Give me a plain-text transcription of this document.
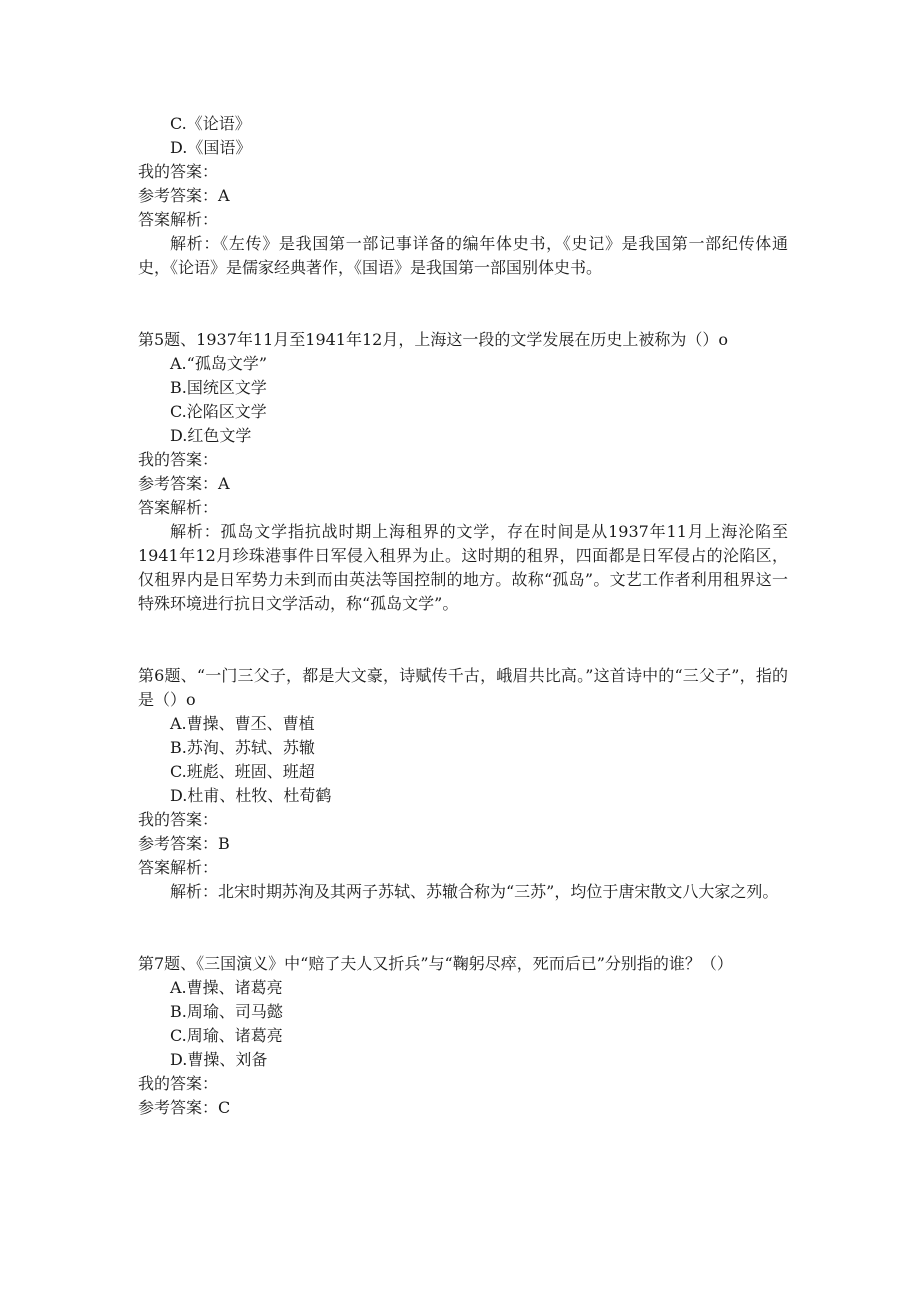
C.《论语》
D.《国语》
我的答案：
参考答案：A
答案解析：

解析：《左传》是我国第一部记事详备的编年体史书，《史记》是我国第一部纪传体通史，《论语》是儒家经典著作，《国语》是我国第一部国别体史书。

第5题、1937年11月至1941年12月，上海这一段的文学发展在历史上被称为（）o

A.“孤岛文学”
B.国统区文学
C.沦陷区文学
D.红色文学
我的答案：
参考答案：A
答案解析：

解析：孤岛文学指抗战时期上海租界的文学，存在时间是从1937年11月上海沦陷至1941年12月珍珠港事件日军侵入租界为止。这时期的租界，四面都是日军侵占的沦陷区，仅租界内是日军势力未到而由英法等国控制的地方。故称“孤岛”。文艺工作者利用租界这一特殊环境进行抗日文学活动，称“孤岛文学”。

第6题、“一门三父子，都是大文豪，诗赋传千古，峨眉共比高。”这首诗中的“三父子”，指的是（）o

A.曹操、曹丕、曹植
B.苏洵、苏轼、苏辙
C.班彪、班固、班超
D.杜甫、杜牧、杜荀鹤
我的答案：
参考答案：B
答案解析：

解析：北宋时期苏洵及其两子苏轼、苏辙合称为“三苏”，均位于唐宋散文八大家之列。

第7题、《三国演义》中“赔了夫人又折兵”与“鞠躬尽瘁，死而后已”分别指的谁？（）

A.曹操、诸葛亮
B.周瑜、司马懿
C.周瑜、诸葛亮
D.曹操、刘备
我的答案：
参考答案：C
